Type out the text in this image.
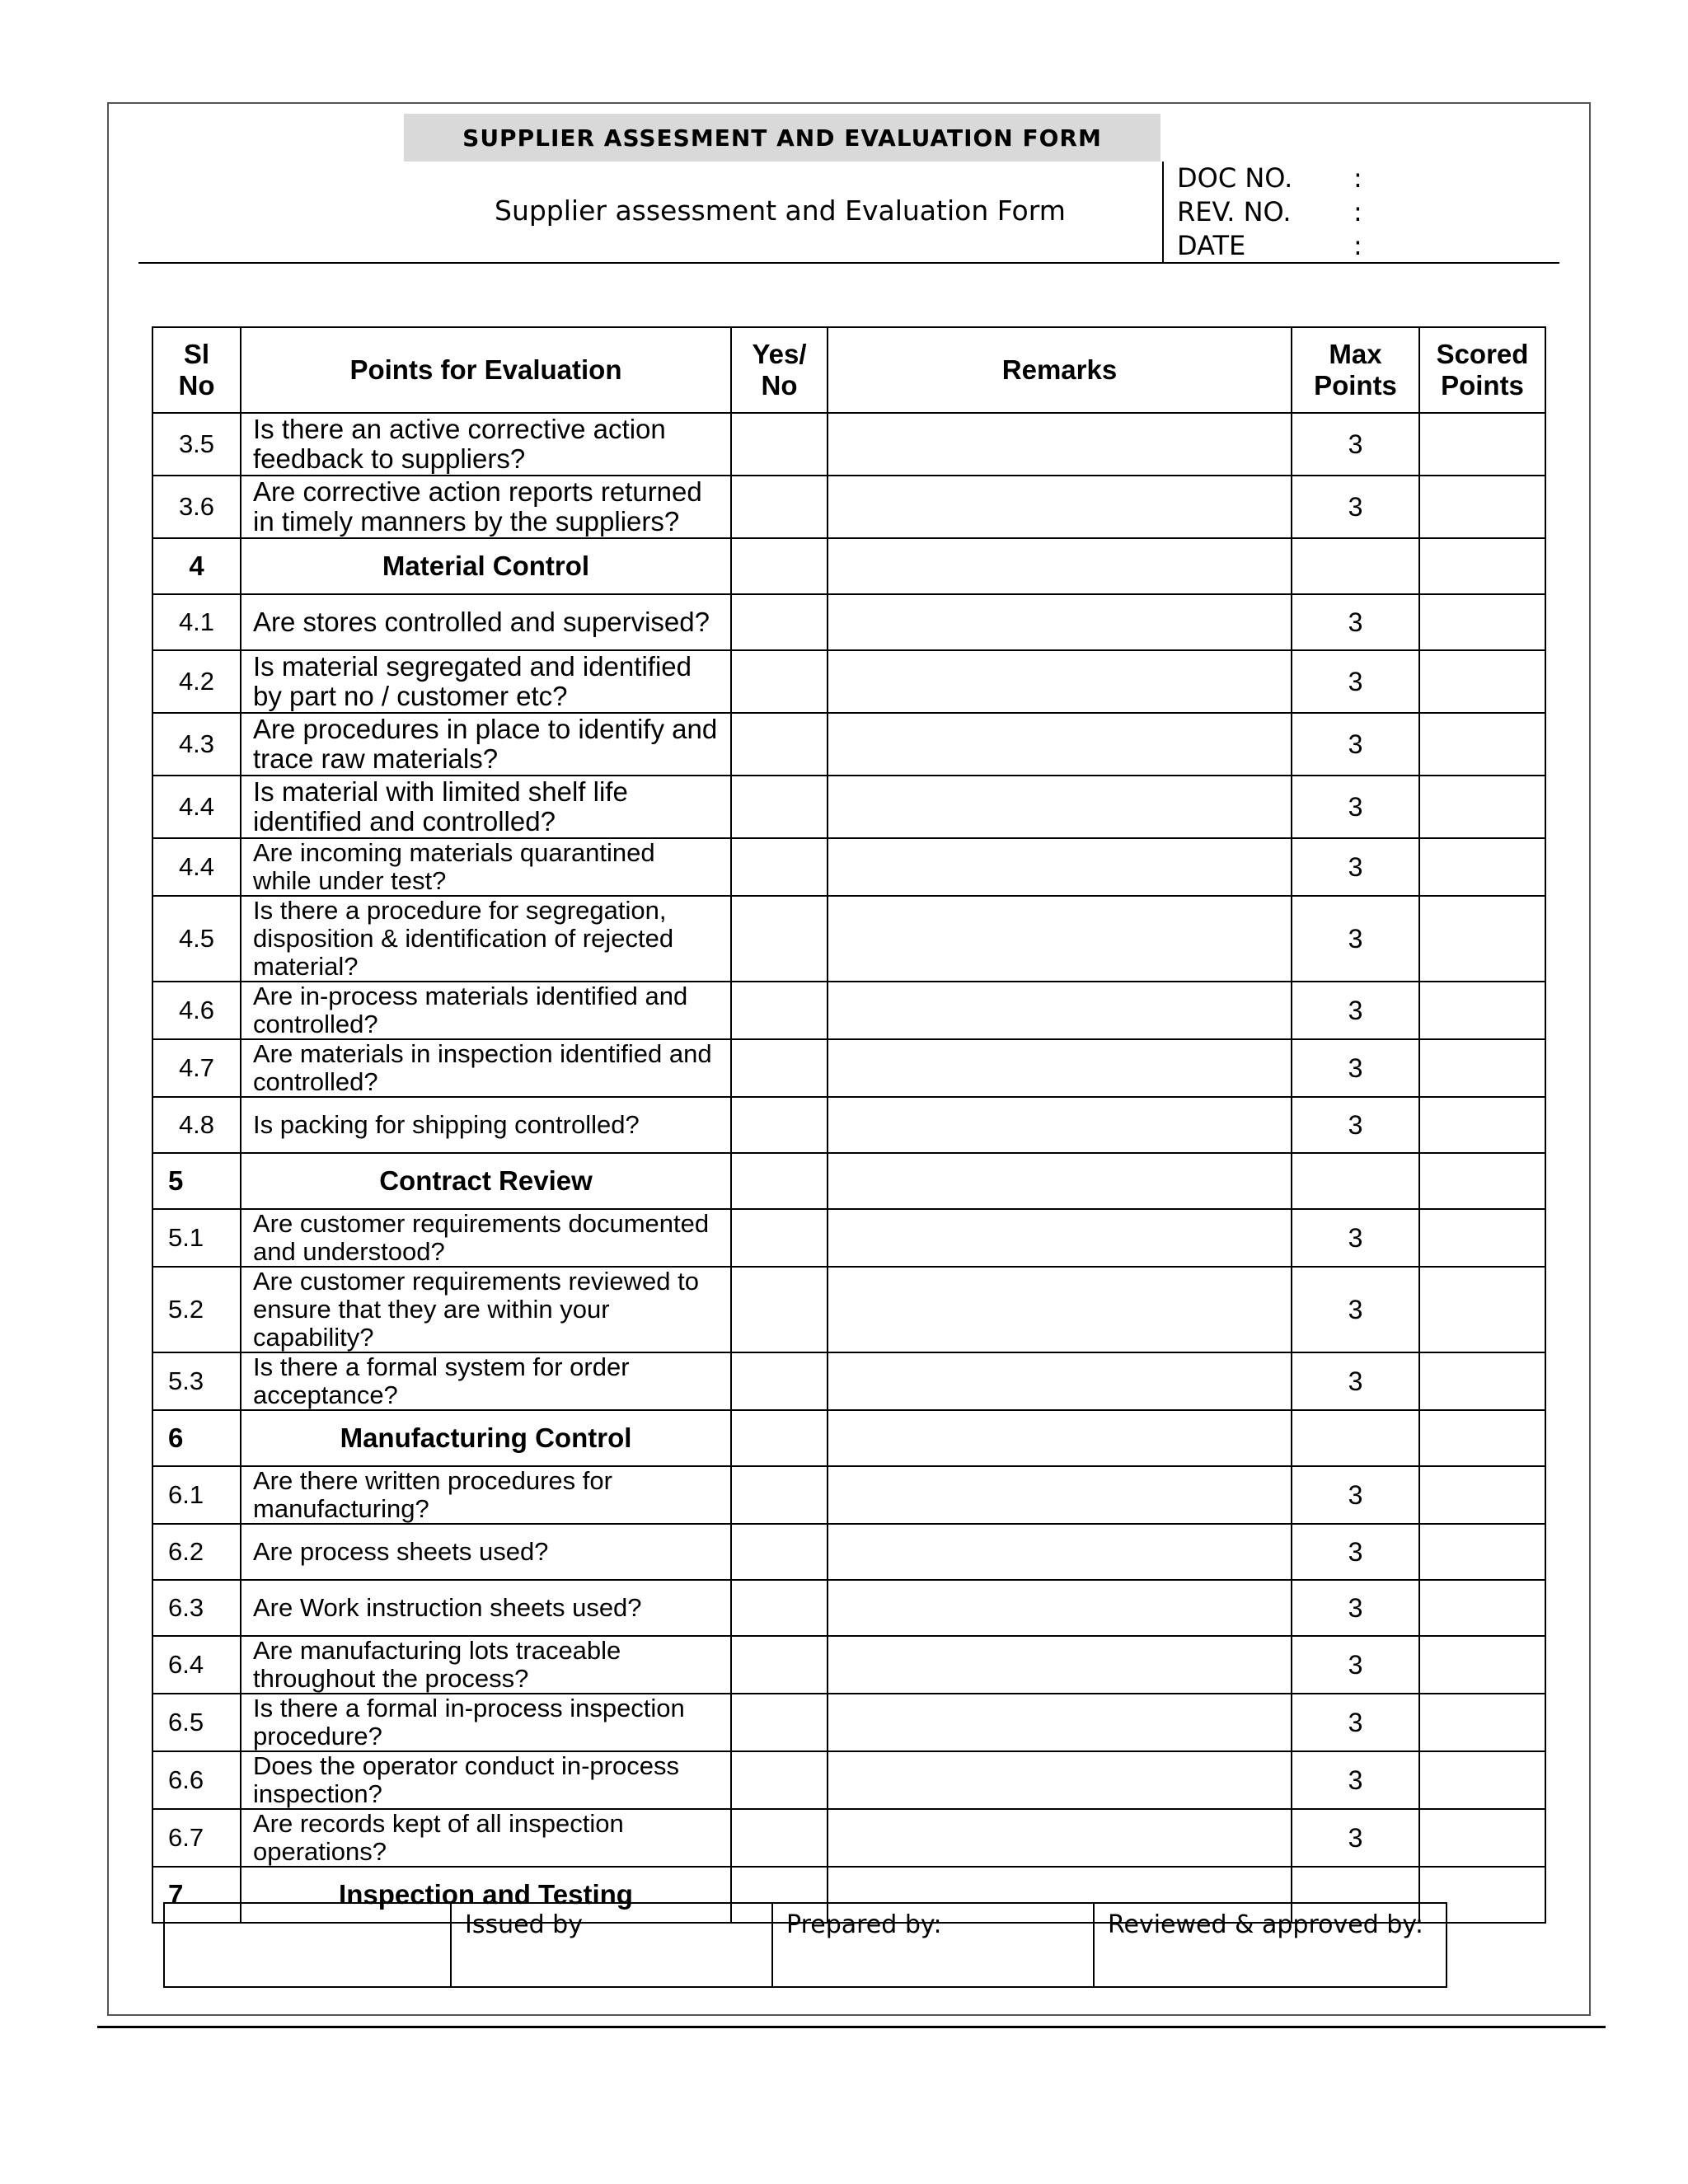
SUPPLIER ASSESMENT AND EVALUATION FORM
Supplier assessment and Evaluation Form
DOC NO.	:
REV. NO.	:
DATE	:
Sl No	Points for Evaluation	Yes/ No	Remarks	Max Points	Scored Points
3.5	Is there an active corrective action feedback to suppliers?			3	
3.6	Are corrective action reports returned in timely manners by the suppliers?			3	
4	Material Control				
4.1	Are stores controlled and supervised?			3	
4.2	Is material segregated and identified by part no / customer etc?			3	
4.3	Are procedures in place to identify and trace raw materials?			3	
4.4	Is material with limited shelf life identified and controlled?			3	
4.4	Are incoming materials quarantined while under test?			3	
4.5	Is there a procedure for segregation, disposition & identification of rejected material?			3	
4.6	Are in-process materials identified and controlled?			3	
4.7	Are materials in inspection identified and controlled?			3	
4.8	Is packing for shipping controlled?			3	
5	Contract Review				
5.1	Are customer requirements documented and understood?			3	
5.2	Are customer requirements reviewed to ensure that they are within your capability?			3	
5.3	Is there a formal system for order acceptance?			3	
6	Manufacturing Control				
6.1	Are there written procedures for manufacturing?			3	
6.2	Are process sheets used?			3	
6.3	Are Work instruction sheets used?			3	
6.4	Are manufacturing lots traceable throughout the process?			3	
6.5	Is there a formal in-process inspection procedure?			3	
6.6	Does the operator conduct in-process inspection?			3	
6.7	Are records kept of all inspection operations?			3	
7	Inspection and Testing				
	Issued by	Prepared by:	Reviewed & approved by:
